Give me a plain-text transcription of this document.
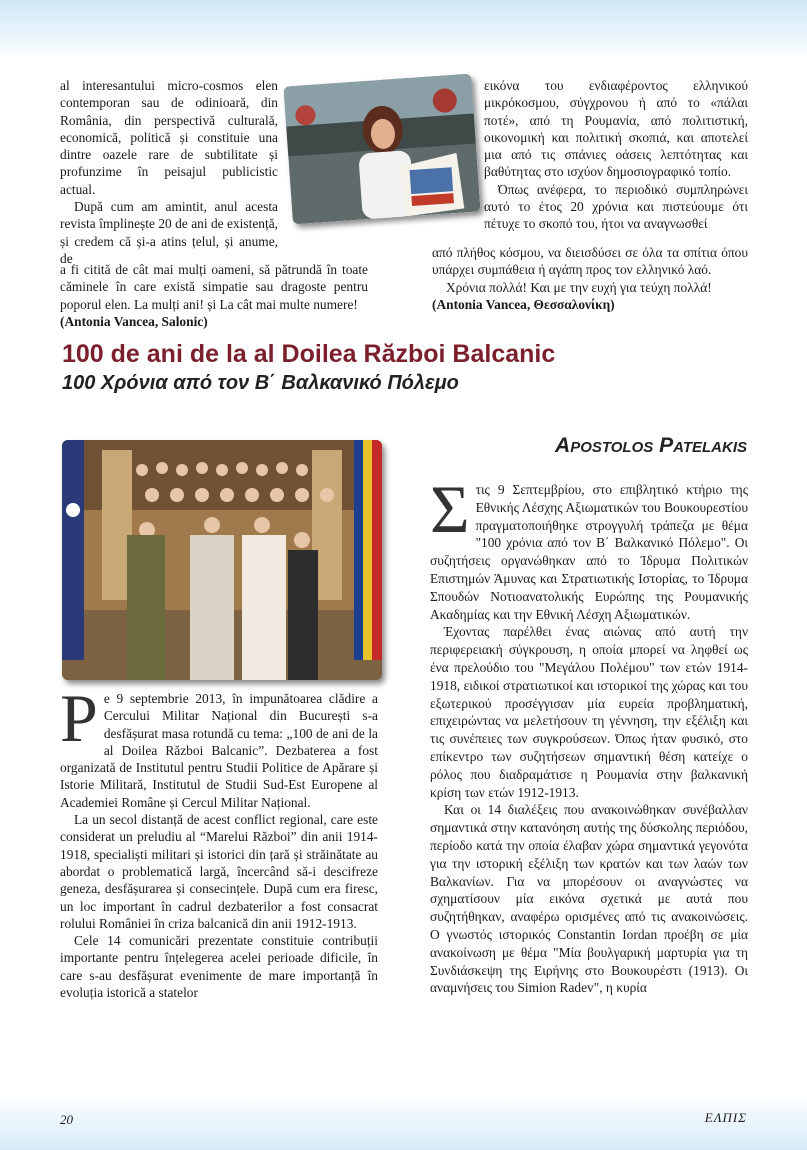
al interesantului micro-cosmos elen contemporan sau de odinioară, din România, din perspectivă culturală, economică, politică și constituie una dintre oazele rare de subtilitate și profunzime în peisajul publicistic actual.

După cum am amintit, anul acesta revista împlinește 20 de ani de existență, și credem că și-a atins țelul, și anume, de

a fi citită de cât mai mulți oameni, să pătrundă în toate căminele în care există simpatie sau dragoste pentru poporul elen. La mulți ani! și La cât mai multe numere!

(Antonia Vancea, Salonic)

εικόνα του ενδιαφέροντος ελληνικού μικρόκοσμου, σύγχρονου ή από το «πάλαι ποτέ», από τη Ρουμανία, από πολιτιστική, οικονομική και πολιτική σκοπιά, και αποτελεί μια από τις σπάνιες οάσεις λεπτότητας και βαθύτητας στο ισχύον δημοσιογραφικό τοπίο.

Όπως ανέφερα, το περιοδικό συμπληρώνει αυτό το έτος 20 χρόνια και πιστεύουμε ότι πέτυχε το σκοπό του, ήτοι να αναγνωσθεί

από πλήθος κόσμου, να διεισδύσει σε όλα τα σπίτια όπου υπάρχει συμπάθεια ή αγάπη προς τον ελληνικό λαό.

Χρόνια πολλά! Και με την ευχή για τεύχη πολλά!

(Antonia Vancea, Θεσσαλονίκη)

100 de ani de la al Doilea Război Balcanic
100 Χρόνια από τον Β΄ Βαλκανικό Πόλεμο
Apostolos Patelakis

Pe 9 septembrie 2013, în impunătoarea clădire a Cercului Militar Național din București s-a desfășurat masa rotundă cu tema: „100 de ani de la al Doilea Război Balcanic”. Dezbaterea a fost organizată de Institutul pentru Studii Politice de Apărare și Istorie Militară, Institutul de Studii Sud-Est Europene al Academiei Române și Cercul Militar Național.

La un secol distanță de acest conflict regional, care este considerat un preludiu al “Marelui Război” din anii 1914-1918, specialiști militari și istorici din țară și străinătate au abordat o problematică largă, încercând să-i descifreze geneza, desfășurarea și consecințele. După cum era firesc, un loc important în cadrul dezbaterilor a fost consacrat rolului României în criza balcanică din anii 1912-1913.

Cele 14 comunicări prezentate constituie contribuții importante pentru înțelegerea acelei perioade dificile, în care s-au desfășurat evenimente de mare importanță în evoluția istorică a statelor

Στις 9 Σεπτεμβρίου, στο επιβλητικό κτήριο της Εθνικής Λέσχης Αξιωματικών του Βουκουρεστίου πραγματοποιήθηκε στρογγυλή τράπεζα με θέμα "100 χρόνια από τον Β΄ Βαλκανικό Πόλεμο". Οι συζητήσεις οργανώθηκαν από το Ίδρυμα Πολιτικών Επιστημών Άμυνας και Στρατιωτικής Ιστορίας, το Ίδρυμα Σπουδών Νοτιοανατολικής Ευρώπης της Ρουμανικής Ακαδημίας και την Εθνική Λέσχη Αξιωματικών.

Έχοντας παρέλθει ένας αιώνας από αυτή την περιφερειακή σύγκρουση, η οποία μπορεί να ληφθεί ως ένα πρελούδιο του "Μεγάλου Πολέμου" των ετών 1914-1918, ειδικοί στρατιωτικοί και ιστορικοί της χώρας και του εξωτερικού προσέγγισαν μία ευρεία προβληματική, επιχειρώντας να μελετήσουν τη γέννηση, την εξέλιξη και τις συνέπειες των συγκρούσεων. Όπως ήταν φυσικό, στο επίκεντρο των συζητήσεων σημαντική θέση κατείχε ο ρόλος που διαδραμάτισε η Ρουμανία στην βαλκανική κρίση των ετών 1912-1913.

Και οι 14 διαλέξεις που ανακοινώθηκαν συνέβαλλαν σημαντικά στην κατανόηση αυτής της δύσκολης περιόδου, περίοδο κατά την οποία έλαβαν χώρα σημαντικά γεγονότα για την ιστορική εξέλιξη των κρατών και των λαών των Βαλκανίων. Για να μπορέσουν οι αναγνώστες να σχηματίσουν μία εικόνα σχετικά με αυτά που συζητήθηκαν, αναφέρω ορισμένες από τις ανακοινώσεις. Ο γνωστός ιστορικός Constantin Iordan προέβη σε μία ανακοίνωση με θέμα "Μία βουλγαρική μαρτυρία για τη Συνδιάσκεψη της Ειρήνης στο Βουκουρέστι (1913). Οι αναμνήσεις του Simion Radev", η κυρία

20	ΕΛΠΙΣ
